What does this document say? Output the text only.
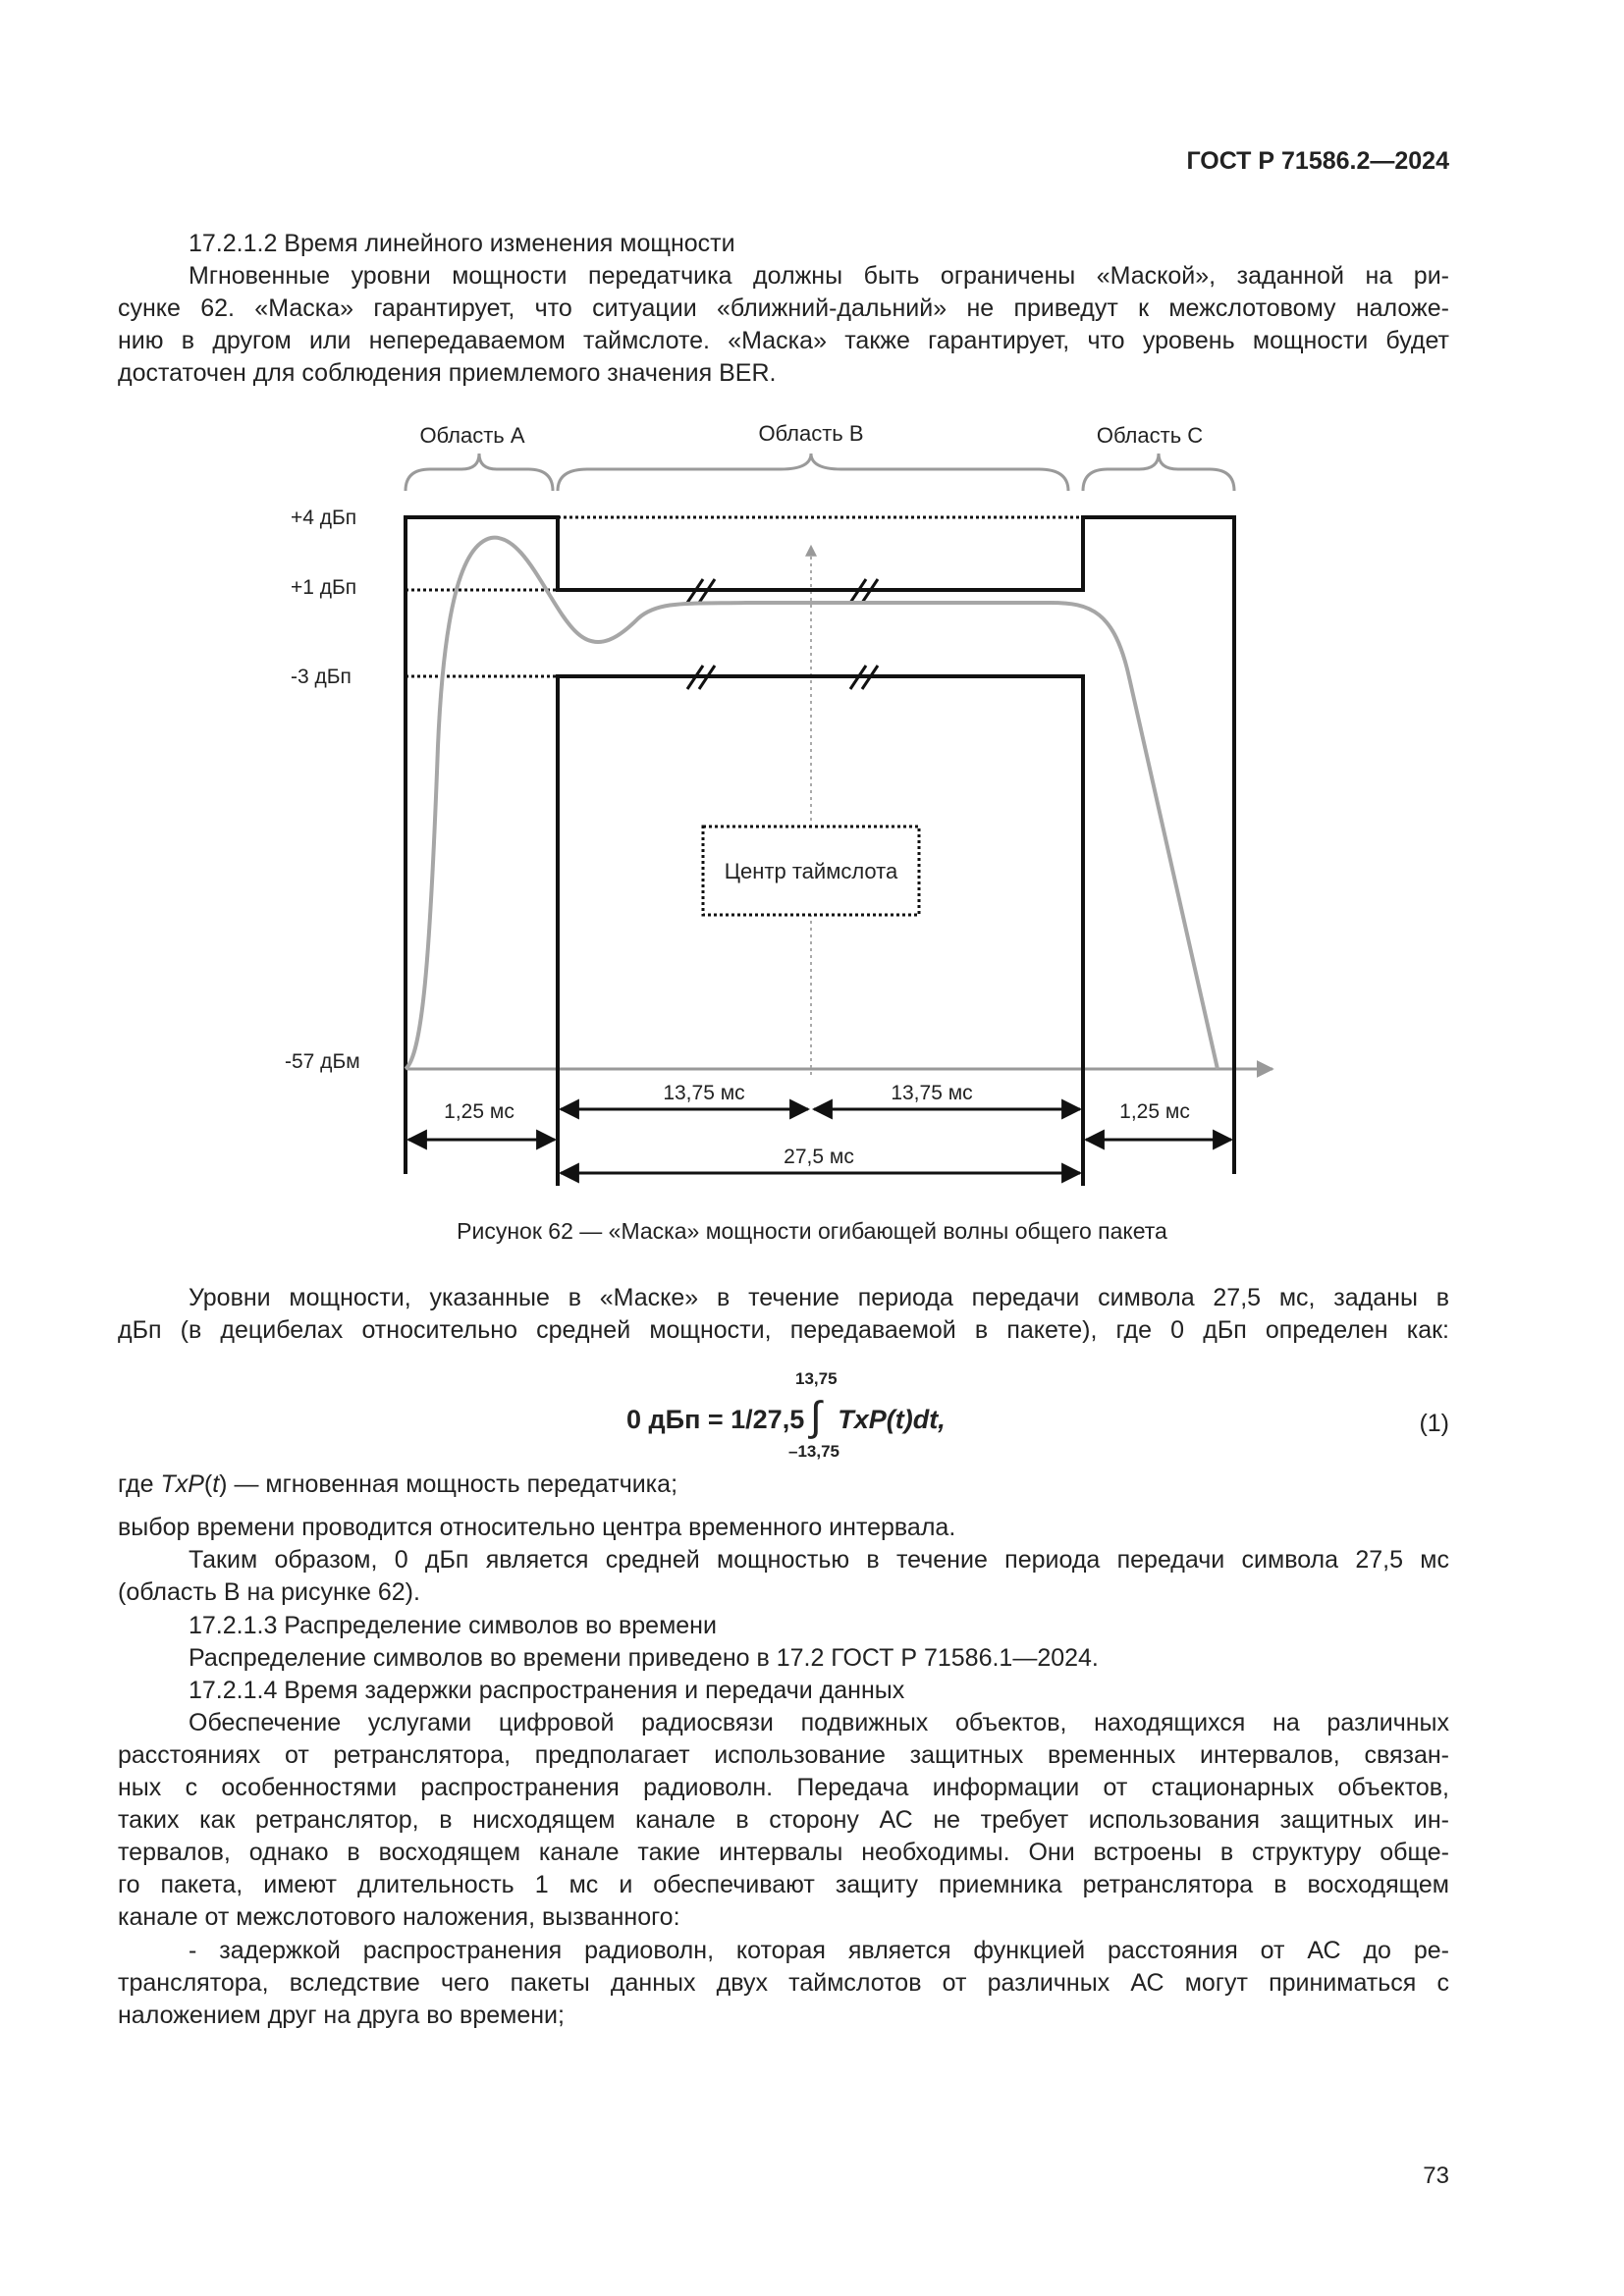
ГОСТ Р 71586.2—2024
17.2.1.2 Время линейного изменения мощности
Мгновенные уровни мощности передатчика должны быть ограничены «Маской», заданной на ри-
сунке 62. «Маска» гарантирует, что ситуации «ближний-дальний» не приведут к межслотовому наложе-
нию в другом или непередаваемом таймслоте. «Маска» также гарантирует, что уровень мощности будет
достаточен для соблюдения приемлемого значения BER.
Область A	Область B	Область C
+4 дБп
+1 дБп
-3 дБп
-57 дБм
Центр таймслота
1,25 мс
13,75 мс	13,75 мс
1,25 мс
27,5 мс
Рисунок 62 — «Маска» мощности огибающей волны общего пакета
Уровни мощности, указанные в «Маске» в течение периода передачи символа 27,5 мс, заданы в
дБп (в децибелах относительно средней мощности, передаваемой в пакете), где 0 дБп определен как:
13,75
0 дБп = 1/27,5 TxP(t)dt,
∫
–13,75
(1)
где TxP(t) — мгновенная мощность передатчика;
выбор времени проводится относительно центра временного интервала.
Таким образом, 0 дБп является средней мощностью в течение периода передачи символа 27,5 мс
(область B на рисунке 62).
17.2.1.3 Распределение символов во времени
Распределение символов во времени приведено в 17.2 ГОСТ Р 71586.1—2024.
17.2.1.4 Время задержки распространения и передачи данных
Обеспечение услугами цифровой радиосвязи подвижных объектов, находящихся на различных
расстояниях от ретранслятора, предполагает использование защитных временных интервалов, связан-
ных с особенностями распространения радиоволн. Передача информации от стационарных объектов,
таких как ретранслятор, в нисходящем канале в сторону АС не требует использования защитных ин-
тервалов, однако в восходящем канале такие интервалы необходимы. Они встроены в структуру обще-
го пакета, имеют длительность 1 мс и обеспечивают защиту приемника ретранслятора в восходящем
канале от межслотового наложения, вызванного:
- задержкой распространения радиоволн, которая является функцией расстояния от АС до ре-
транслятора, вследствие чего пакеты данных двух таймслотов от различных АС могут приниматься с
наложением друг на друга во времени;
73
